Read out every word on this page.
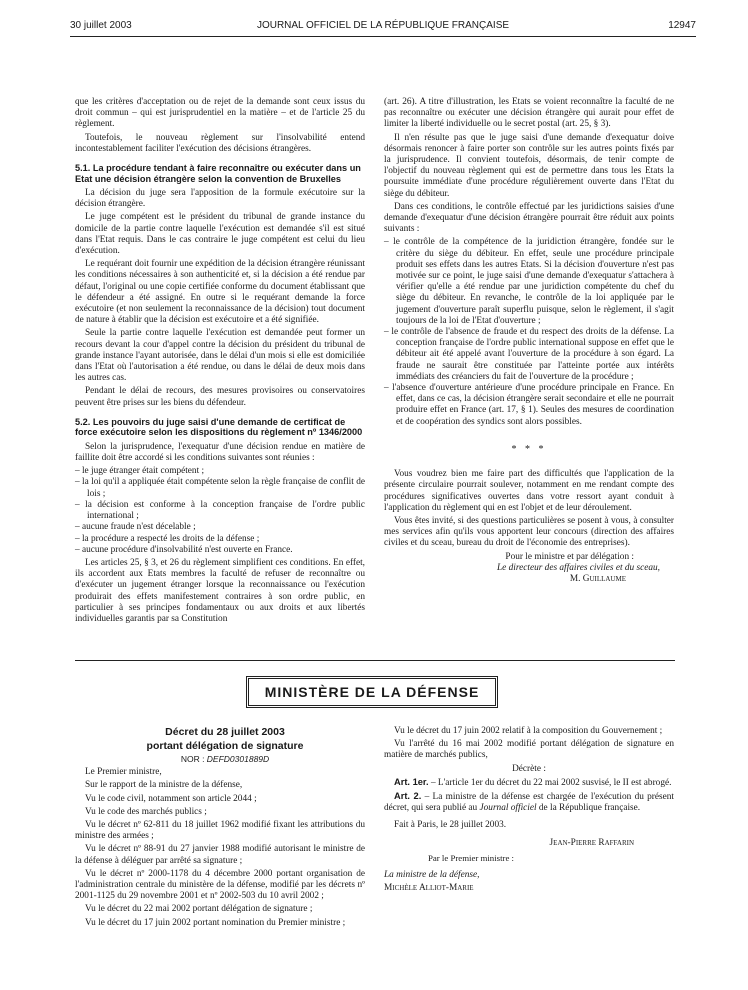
30 juillet 2003	JOURNAL OFFICIEL DE LA RÉPUBLIQUE FRANÇAISE	12947

que les critères d'acceptation ou de rejet de la demande sont ceux issus du droit commun – qui est jurisprudentiel en la matière – et de l'article 25 du règlement.

Toutefois, le nouveau règlement sur l'insolvabilité entend incontestablement faciliter l'exécution des décisions étrangères.

5.1. La procédure tendant à faire reconnaître ou exécuter dans un Etat une décision étrangère selon la convention de Bruxelles

La décision du juge sera l'apposition de la formule exécutoire sur la décision étrangère.

Le juge compétent est le président du tribunal de grande instance du domicile de la partie contre laquelle l'exécution est demandée s'il est situé dans l'Etat requis. Dans le cas contraire le juge compétent est celui du lieu d'exécution.

Le requérant doit fournir une expédition de la décision étrangère réunissant les conditions nécessaires à son authenticité et, si la décision a été rendue par défaut, l'original ou une copie certifiée conforme du document établissant que le défendeur a été assigné. En outre si le requérant demande la force exécutoire (et non seulement la reconnaissance de la décision) tout document de nature à établir que la décision est exécutoire et a été signifiée.

Seule la partie contre laquelle l'exécution est demandée peut former un recours devant la cour d'appel contre la décision du président du tribunal de grande instance l'ayant autorisée, dans le délai d'un mois si elle est domiciliée dans l'Etat où l'autorisation a été rendue, ou dans le délai de deux mois dans les autres cas.

Pendant le délai de recours, des mesures provisoires ou conservatoires peuvent être prises sur les biens du défendeur.

5.2. Les pouvoirs du juge saisi d'une demande de certificat de force exécutoire selon les dispositions du règlement nº 1346/2000

Selon la jurisprudence, l'exequatur d'une décision rendue en matière de faillite doit être accordé si les conditions suivantes sont réunies :

– le juge étranger était compétent ;
– la loi qu'il a appliquée était compétente selon la règle française de conflit de lois ;
– la décision est conforme à la conception française de l'ordre public international ;
– aucune fraude n'est décelable ;
– la procédure a respecté les droits de la défense ;
– aucune procédure d'insolvabilité n'est ouverte en France.

Les articles 25, § 3, et 26 du règlement simplifient ces conditions. En effet, ils accordent aux Etats membres la faculté de refuser de reconnaître ou d'exécuter un jugement étranger lorsque la reconnaissance ou l'exécution produirait des effets manifestement contraires à son ordre public, en particulier à ses principes fondamentaux ou aux droits et aux libertés individuelles garantis par sa Constitution

(art. 26). A titre d'illustration, les Etats se voient reconnaître la faculté de ne pas reconnaître ou exécuter une décision étrangère qui aurait pour effet de limiter la liberté individuelle ou le secret postal (art. 25, § 3).

Il n'en résulte pas que le juge saisi d'une demande d'exequatur doive désormais renoncer à faire porter son contrôle sur les autres points fixés par la jurisprudence. Il convient toutefois, désormais, de tenir compte de l'objectif du nouveau règlement qui est de permettre dans tous les Etats la poursuite immédiate d'une procédure régulièrement ouverte dans l'Etat du siège du débiteur.

Dans ces conditions, le contrôle effectué par les juridictions saisies d'une demande d'exequatur d'une décision étrangère pourrait être réduit aux points suivants :

– le contrôle de la compétence de la juridiction étrangère, fondée sur le critère du siège du débiteur. En effet, seule une procédure principale produit ses effets dans les autres Etats. Si la décision d'ouverture n'est pas motivée sur ce point, le juge saisi d'une demande d'exequatur s'attachera à vérifier qu'elle a été rendue par une juridiction compétente du chef du siège du débiteur. En revanche, le contrôle de la loi appliquée par le jugement d'ouverture paraît superflu puisque, selon le règlement, il s'agit toujours de la loi de l'Etat d'ouverture ;
– le contrôle de l'absence de fraude et du respect des droits de la défense. La conception française de l'ordre public international suppose en effet que le débiteur ait été appelé avant l'ouverture de la procédure à son égard. La fraude ne saurait être constituée par l'atteinte portée aux intérêts immédiats des créanciers du fait de l'ouverture de la procédure ;
– l'absence d'ouverture antérieure d'une procédure principale en France. En effet, dans ce cas, la décision étrangère serait secondaire et elle ne pourrait produire effet en France (art. 17, § 1). Seules des mesures de coordination et de coopération des syndics sont alors possibles.
* * *

Vous voudrez bien me faire part des difficultés que l'application de la présente circulaire pourrait soulever, notamment en me rendant compte des procédures significatives ouvertes dans votre ressort ayant conduit à l'application du règlement qui en est l'objet et de leur déroulement.

Vous êtes invité, si des questions particulières se posent à vous, à consulter mes services afin qu'ils vous apportent leur concours (direction des affaires civiles et du sceau, bureau du droit de l'économie des entreprises).

Pour le ministre et par délégation :

Le directeur des affaires civiles et du sceau,

M. Guillaume

MINISTÈRE DE LA DÉFENSE

Décret du 28 juillet 2003

portant délégation de signature

NOR : DEFD0301889D

Le Premier ministre,

Sur le rapport de la ministre de la défense,

Vu le code civil, notamment son article 2044 ;

Vu le code des marchés publics ;

Vu le décret nº 62-811 du 18 juillet 1962 modifié fixant les attributions du ministre des armées ;

Vu le décret nº 88-91 du 27 janvier 1988 modifié autorisant le ministre de la défense à déléguer par arrêté sa signature ;

Vu le décret nº 2000-1178 du 4 décembre 2000 portant organisation de l'administration centrale du ministère de la défense, modifié par les décrets nº 2001-1125 du 29 novembre 2001 et nº 2002-503 du 10 avril 2002 ;

Vu le décret du 22 mai 2002 portant délégation de signature ;

Vu le décret du 17 juin 2002 portant nomination du Premier ministre ;

Vu le décret du 17 juin 2002 relatif à la composition du Gouvernement ;

Vu l'arrêté du 16 mai 2002 modifié portant délégation de signature en matière de marchés publics,

Décrète :

Art. 1er. – L'article 1er du décret du 22 mai 2002 susvisé, le II est abrogé.

Art. 2. – La ministre de la défense est chargée de l'exécution du présent décret, qui sera publié au Journal officiel de la République française.

Fait à Paris, le 28 juillet 2003.

Jean-Pierre Raffarin

Par le Premier ministre :

La ministre de la défense,

Michèle Alliot-Marie
